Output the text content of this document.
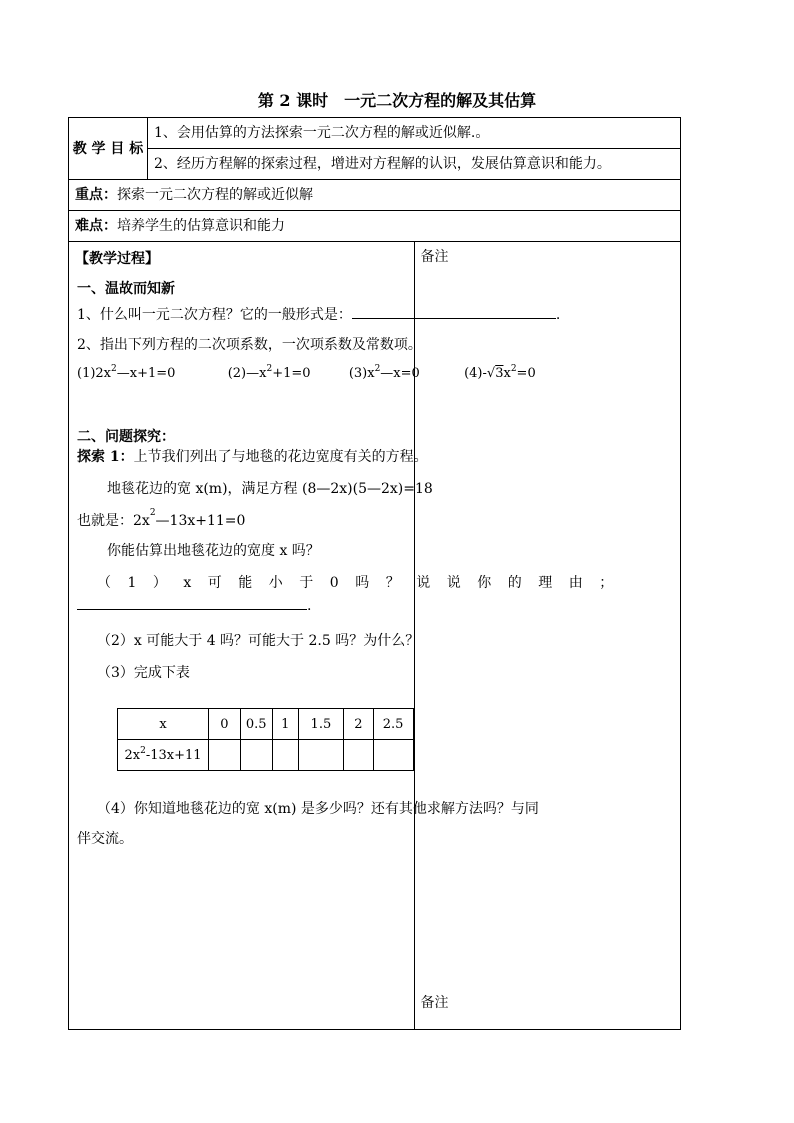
第 2 课时　一元二次方程的解及其估算
教 学 目 标	1、会用估算的方法探索一元二次方程的解或近似解.。
2、经历方程解的探索过程，增进对方程解的认识，发展估算意识和能力。
重点：探索一元二次方程的解或近似解
难点：培养学生的估算意识和能力

【教学过程】
一、温故而知新
1、什么叫一元二次方程？它的一般形式是：	.
2、指出下列方程的二次项系数，一次项系数及常数项。
$(1)2x^2—x+1=0$	$(2)—x^2+1=0$	$(3)x^2—x=0$	$(4)-√3x^2=0$
二、问题探究：
探索 1：上节我们列出了与地毯的花边宽度有关的方程。
地毯花边的宽 x(m)，满足方程 (8—2x)(5—2x)=18
也就是：$2x^2—13x+11=0$
你能估算出地毯花边的宽度 x 吗？
（1）x可能小于0吗？说说你的理由；
.
（2）x 可能大于 4 吗？可能大于 2.5 吗？为什么？
（3）完成下表
x	0	0.5	1	1.5	2	2.5
$2x^2-13x+11$						
（4）你知道地毯花边的宽 x(m) 是多少吗？还有其他求解方法吗？与同
伴交流。

备注
备注
